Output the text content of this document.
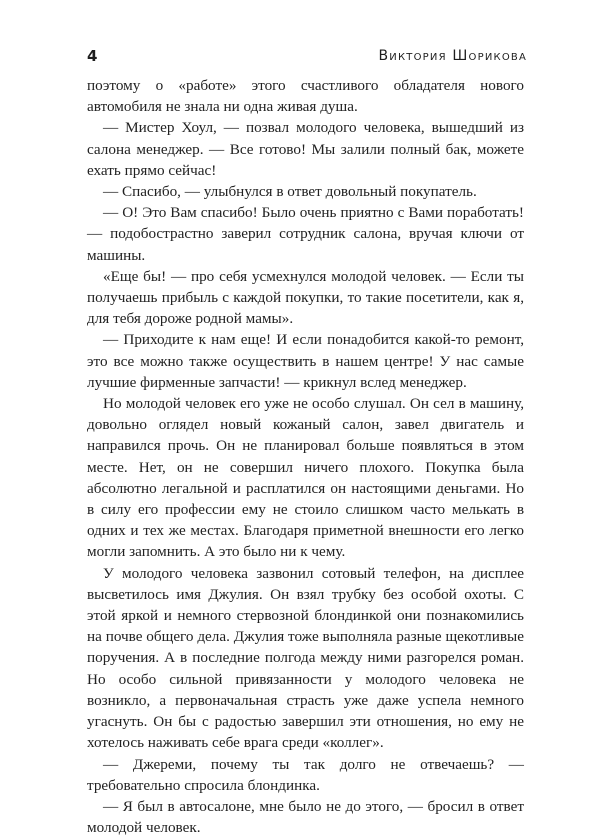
4	Виктория Шорикова

поэтому о «работе» этого счастливого обладателя нового автомобиля не знала ни одна живая душа.

— Мистер Хоул, — позвал молодого человека, вышедший из салона менеджер. — Все готово! Мы залили полный бак, можете ехать прямо сейчас!

— Спасибо, — улыбнулся в ответ довольный покупатель.

— О! Это Вам спасибо! Было очень приятно с Вами поработать! — подобострастно заверил сотрудник салона, вручая ключи от машины.

«Еще бы! — про себя усмехнулся молодой человек. — Если ты получаешь прибыль с каждой покупки, то такие посетители, как я, для тебя дороже родной мамы».

— Приходите к нам еще! И если понадобится какой-то ремонт, это все можно также осуществить в нашем центре! У нас самые лучшие фирменные запчасти! — крикнул вслед менеджер.

Но молодой человек его уже не особо слушал. Он сел в машину, довольно оглядел новый кожаный салон, завел двигатель и направился прочь. Он не планировал больше появляться в этом месте. Нет, он не совершил ничего плохого. Покупка была абсолютно легальной и расплатился он настоящими деньгами. Но в силу его профессии ему не стоило слишком часто мелькать в одних и тех же местах. Благодаря приметной внешности его легко могли запомнить. А это было ни к чему.

У молодого человека зазвонил сотовый телефон, на дисплее высветилось имя Джулия. Он взял трубку без особой охоты. С этой яркой и немного стервозной блондинкой они познакомились на почве общего дела. Джулия тоже выполняла разные щекотливые поручения. А в последние полгода между ними разгорелся роман. Но особо сильной привязанности у молодого человека не возникло, а первоначальная страсть уже даже успела немного угаснуть. Он бы с радостью завершил эти отношения, но ему не хотелось наживать себе врага среди «коллег».

— Джереми, почему ты так долго не отвечаешь? — требовательно спросила блондинка.

— Я был в автосалоне, мне было не до этого, — бросил в ответ молодой человек.
